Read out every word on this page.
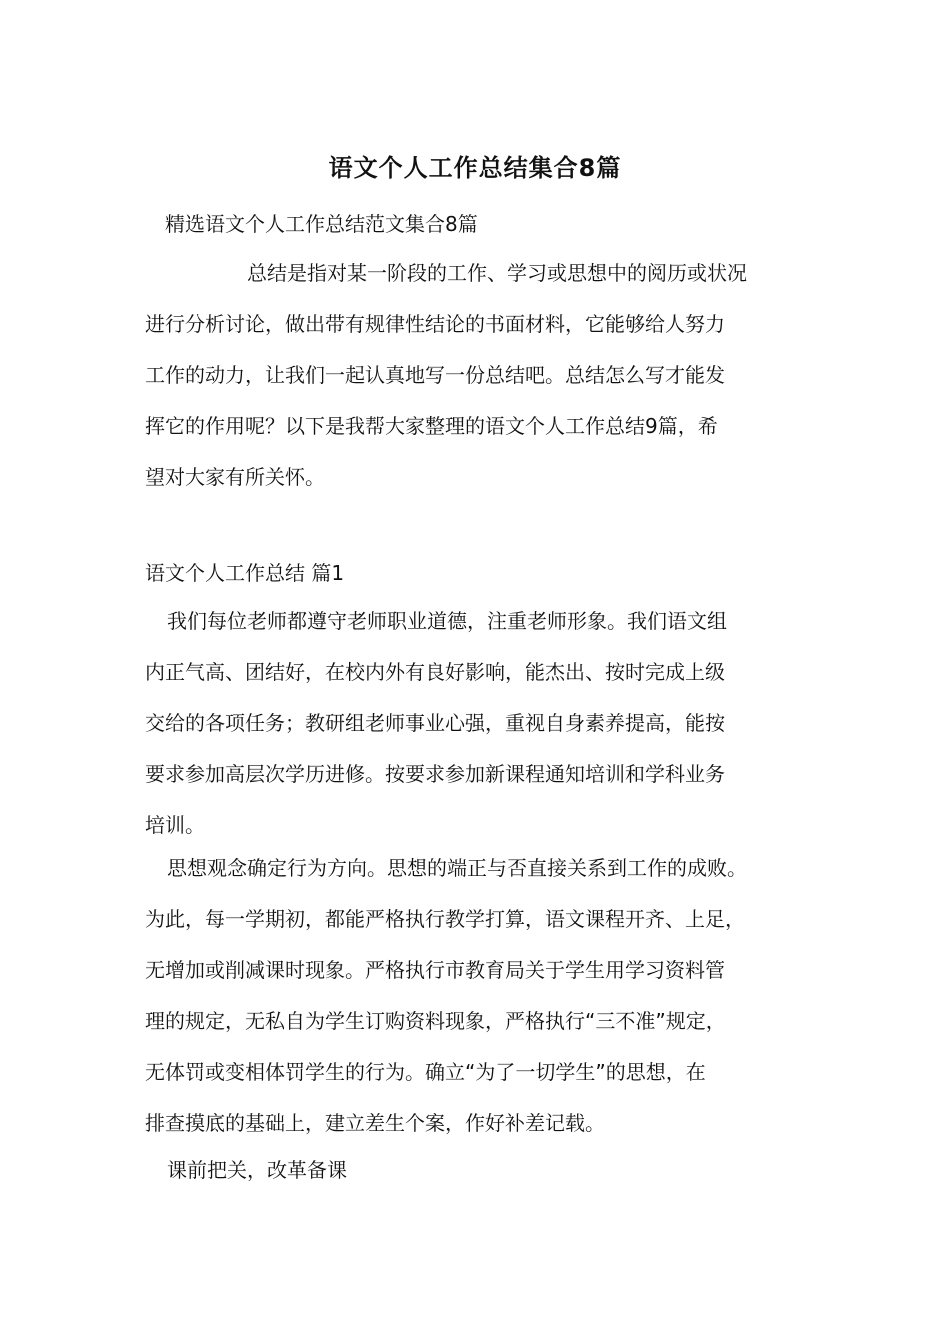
语文个人工作总结集合8篇
精选语文个人工作总结范文集合8篇
总结是指对某一阶段的工作、学习或思想中的阅历或状况
进行分析讨论，做出带有规律性结论的书面材料，它能够给人努力
工作的动力，让我们一起认真地写一份总结吧。总结怎么写才能发
挥它的作用呢？以下是我帮大家整理的语文个人工作总结9篇，希
望对大家有所关怀。
语文个人工作总结 篇1
我们每位老师都遵守老师职业道德，注重老师形象。我们语文组
内正气高、团结好，在校内外有良好影响，能杰出、按时完成上级
交给的各项任务；教研组老师事业心强，重视自身素养提高，能按
要求参加高层次学历进修。按要求参加新课程通知培训和学科业务
培训。
思想观念确定行为方向。思想的端正与否直接关系到工作的成败。
为此，每一学期初，都能严格执行教学打算，语文课程开齐、上足，
无增加或削减课时现象。严格执行市教育局关于学生用学习资料管
理的规定，无私自为学生订购资料现象，严格执行“三不准”规定，
无体罚或变相体罚学生的行为。确立“为了一切学生”的思想，在
排查摸底的基础上，建立差生个案，作好补差记载。
课前把关，改革备课
